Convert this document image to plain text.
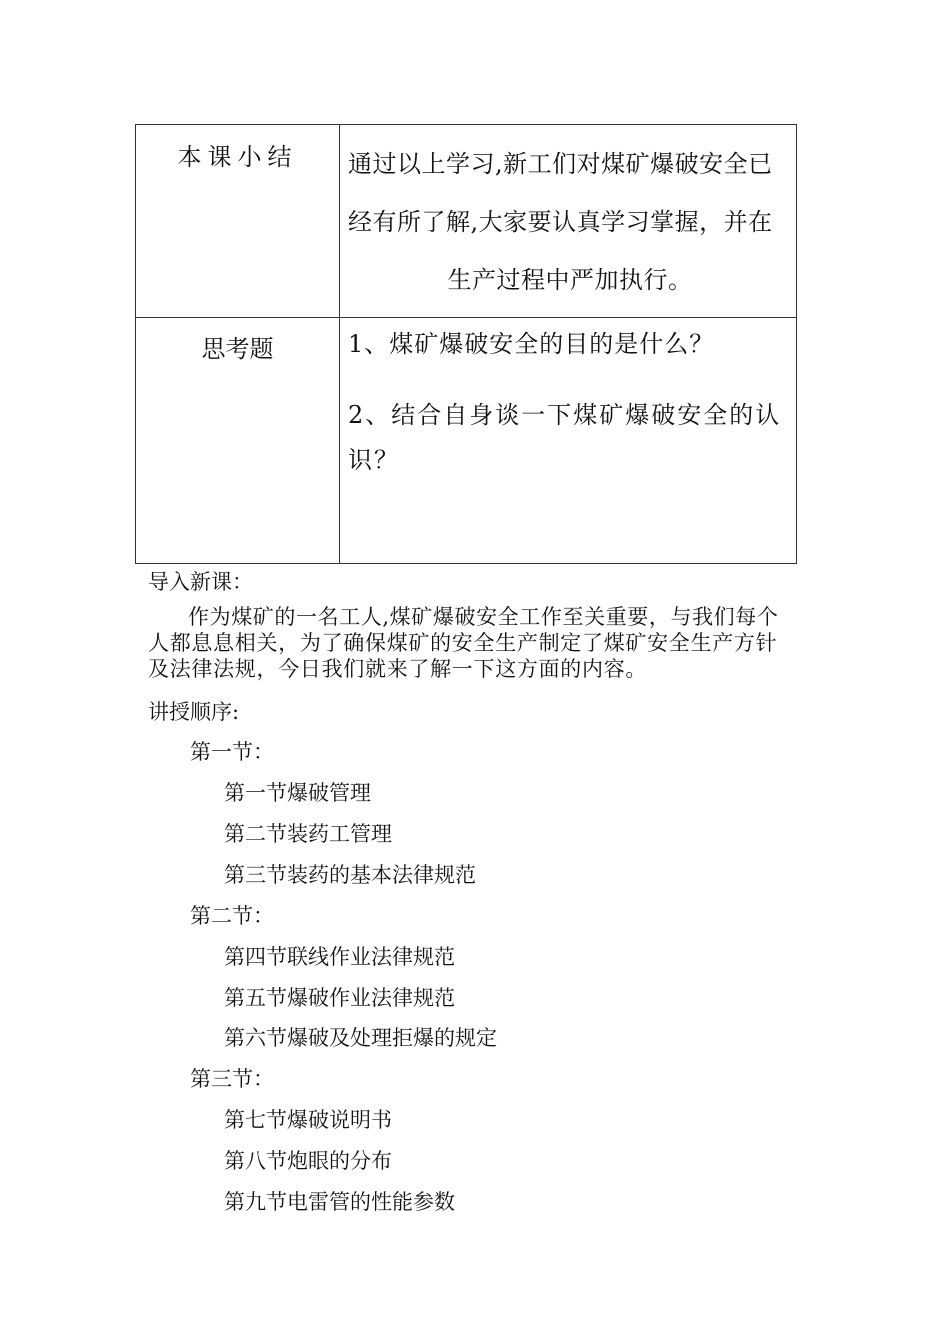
本课小结	通过以上学习,新工们对煤矿爆破安全已
经有所了解,大家要认真学习掌握，并在

生产过程中严加执行。
思考题	1、煤矿爆破安全的目的是什么？
2、结合自身谈一下煤矿爆破安全的认识？
导入新课：
作为煤矿的一名工人,煤矿爆破安全工作至关重要，与我们每个
人都息息相关，为了确保煤矿的安全生产制定了煤矿安全生产方针
及法律法规，今日我们就来了解一下这方面的内容。
讲授顺序:
第一节：
第一节爆破管理
第二节装药工管理
第三节装药的基本法律规范
第二节：
第四节联线作业法律规范
第五节爆破作业法律规范
第六节爆破及处理拒爆的规定
第三节：
第七节爆破说明书
第八节炮眼的分布
第九节电雷管的性能参数
